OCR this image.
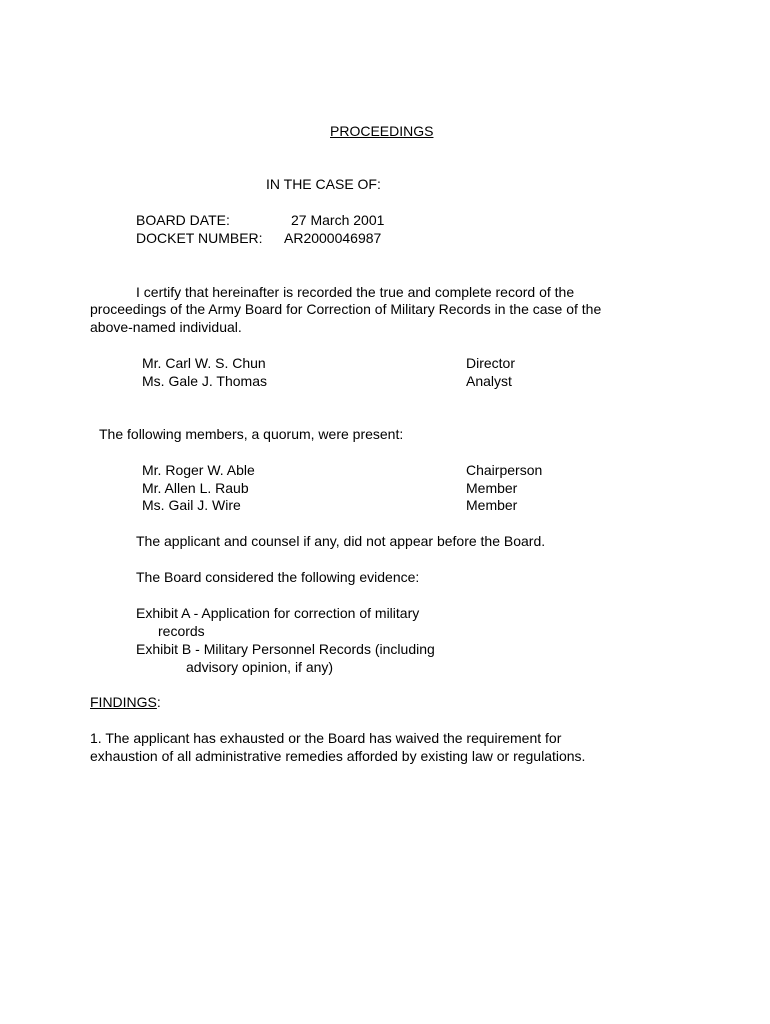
PROCEEDINGS
IN THE CASE OF:
BOARD DATE:	27 March 2001
DOCKET NUMBER: AR2000046987
I certify that hereinafter is recorded the true and complete record of the
proceedings of the Army Board for Correction of Military Records in the case of the
above-named individual.
Mr. Carl W. S. Chun	Director
Ms. Gale J. Thomas	Analyst
The following members, a quorum, were present:
Mr. Roger W. Able	Chairperson
Mr. Allen L. Raub	Member
Ms. Gail J. Wire	Member
The applicant and counsel if any, did not appear before the Board.
The Board considered the following evidence:
Exhibit A - Application for correction of military
records
Exhibit B - Military Personnel Records (including
advisory opinion, if any)
FINDINGS:
1. The applicant has exhausted or the Board has waived the requirement for
exhaustion of all administrative remedies afforded by existing law or regulations.
